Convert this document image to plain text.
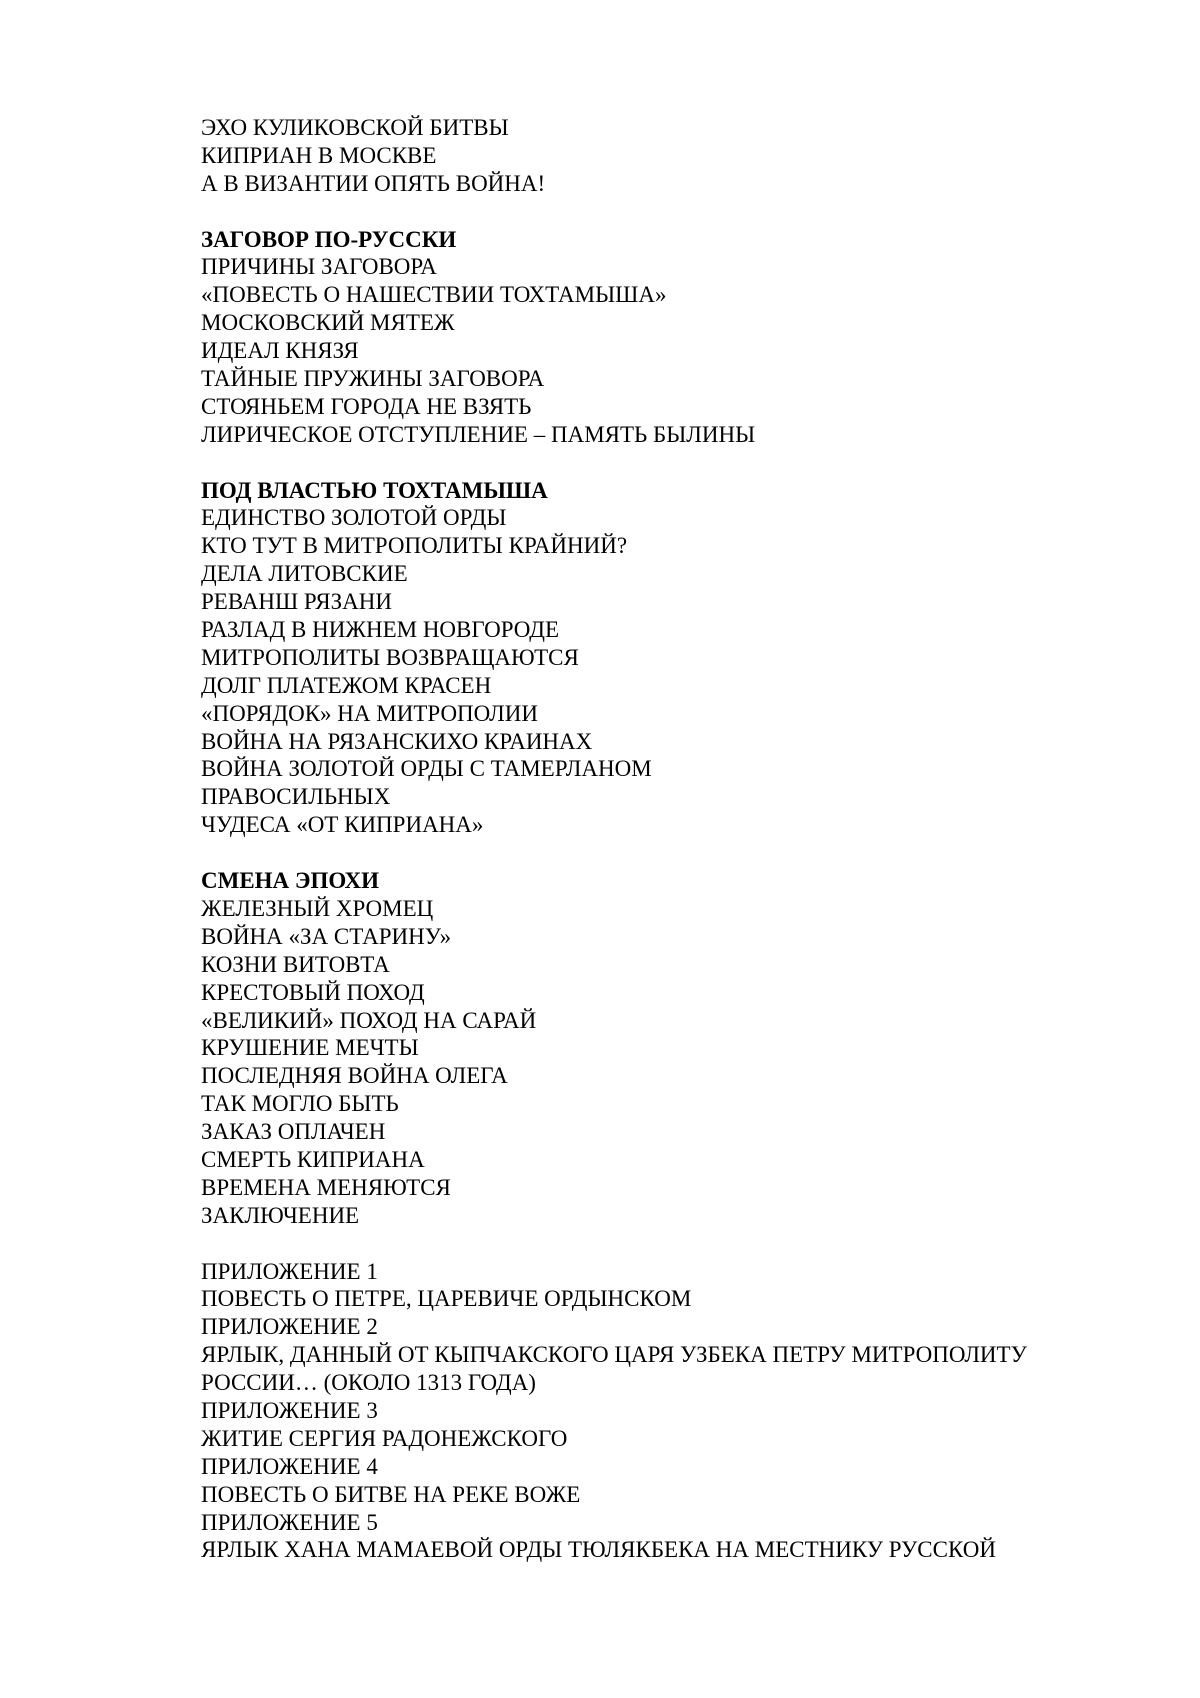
ЭХО КУЛИКОВСКОЙ БИТВЫ
КИПРИАН В МОСКВЕ
А В ВИЗАНТИИ ОПЯТЬ ВОЙНА!
ЗАГОВОР ПО-РУССКИ
ПРИЧИНЫ ЗАГОВОРА
«ПОВЕСТЬ О НАШЕСТВИИ ТОХТАМЫША»
МОСКОВСКИЙ МЯТЕЖ
ИДЕАЛ КНЯЗЯ
ТАЙНЫЕ ПРУЖИНЫ ЗАГОВОРА
СТОЯНЬЕМ ГОРОДА НЕ ВЗЯТЬ
ЛИРИЧЕСКОЕ ОТСТУПЛЕНИЕ – ПАМЯТЬ БЫЛИНЫ
ПОД ВЛАСТЬЮ ТОХТАМЫША
ЕДИНСТВО ЗОЛОТОЙ ОРДЫ
КТО ТУТ В МИТРОПОЛИТЫ КРАЙНИЙ?
ДЕЛА ЛИТОВСКИЕ
РЕВАНШ РЯЗАНИ
РАЗЛАД В НИЖНЕМ НОВГОРОДЕ
МИТРОПОЛИТЫ ВОЗВРАЩАЮТСЯ
ДОЛГ ПЛАТЕЖОМ КРАСЕН
«ПОРЯДОК» НА МИТРОПОЛИИ
ВОЙНА НА РЯЗАНСКИХО КРАИНАХ
ВОЙНА ЗОЛОТОЙ ОРДЫ С ТАМЕРЛАНОМ
ПРАВОСИЛЬНЫХ
ЧУДЕСА «ОТ КИПРИАНА»
СМЕНА ЭПОХИ
ЖЕЛЕЗНЫЙ ХРОМЕЦ
ВОЙНА «ЗА СТАРИНУ»
КОЗНИ ВИТОВТА
КРЕСТОВЫЙ ПОХОД
«ВЕЛИКИЙ» ПОХОД НА САРАЙ
КРУШЕНИЕ МЕЧТЫ
ПОСЛЕДНЯЯ ВОЙНА ОЛЕГА
ТАК МОГЛО БЫТЬ
ЗАКАЗ ОПЛАЧЕН
СМЕРТЬ КИПРИАНА
ВРЕМЕНА МЕНЯЮТСЯ
ЗАКЛЮЧЕНИЕ
ПРИЛОЖЕНИЕ 1
ПОВЕСТЬ О ПЕТРЕ, ЦАРЕВИЧЕ ОРДЫНСКОМ
ПРИЛОЖЕНИЕ 2
ЯРЛЫК, ДАННЫЙ ОТ КЫПЧАКСКОГО ЦАРЯ УЗБЕКА ПЕТРУ МИТРОПОЛИТУ
РОССИИ… (ОКОЛО 1313 ГОДА)
ПРИЛОЖЕНИЕ 3
ЖИТИЕ СЕРГИЯ РАДОНЕЖСКОГО
ПРИЛОЖЕНИЕ 4
ПОВЕСТЬ О БИТВЕ НА РЕКЕ ВОЖЕ
ПРИЛОЖЕНИЕ 5
ЯРЛЫК ХАНА МАМАЕВОЙ ОРДЫ ТЮЛЯКБЕКА НА МЕСТНИКУ РУССКОЙ
